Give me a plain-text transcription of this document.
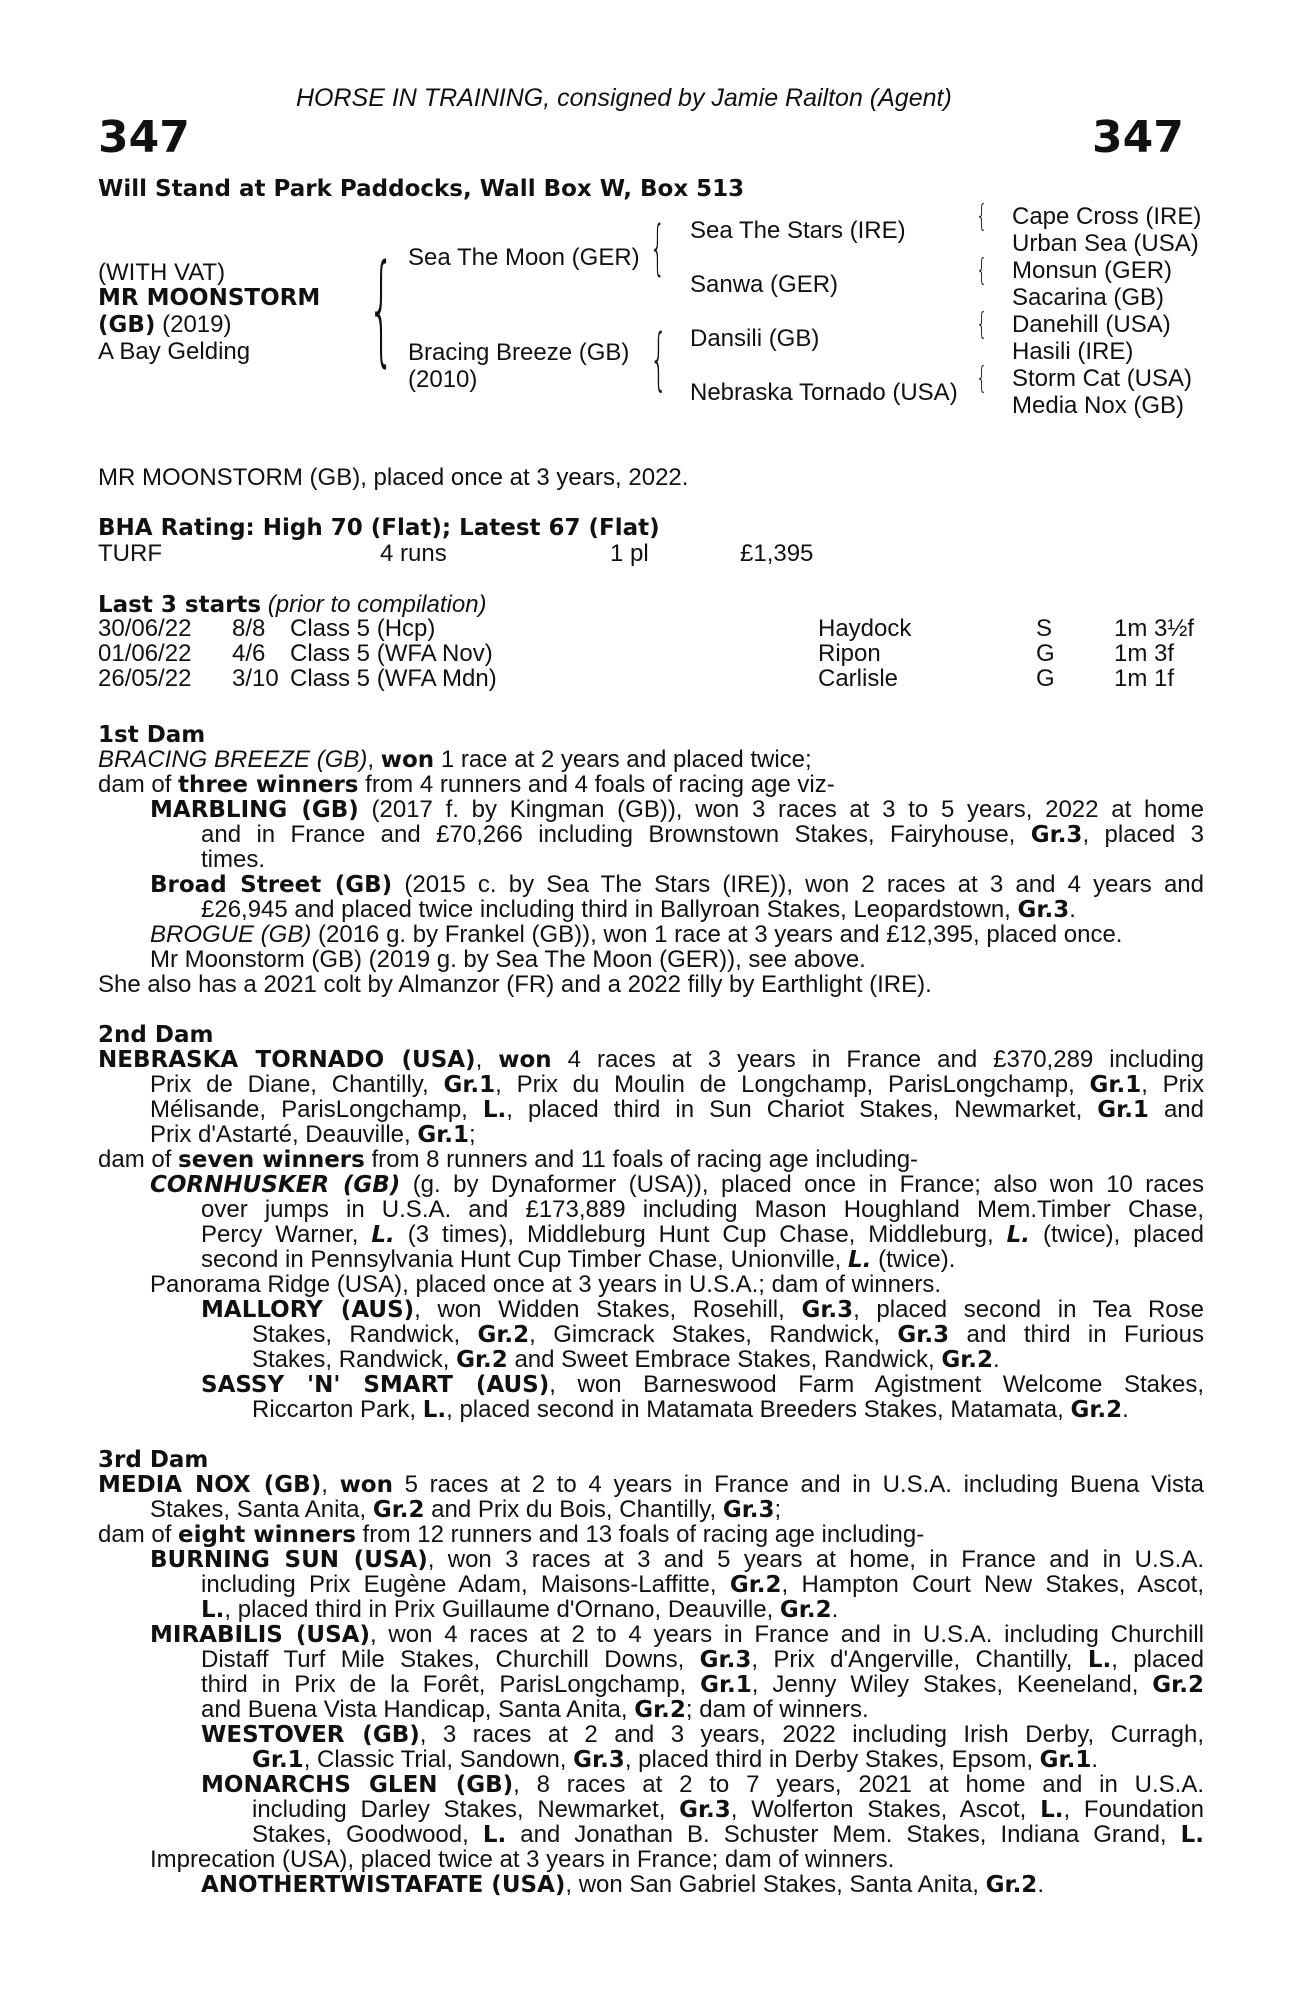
HORSE IN TRAINING, consigned by Jamie Railton (Agent)
347	347
Will Stand at Park Paddocks, Wall Box W, Box 513
(WITH VAT)
MR MOONSTORM
(GB) (2019)
A Bay Gelding {	{
{
{
{
{
{
Sea The Moon (GER)
Bracing Breeze (GB)
(2010)
Sea The Stars (IRE)
Sanwa (GER)
Dansili (GB)
Nebraska Tornado (USA)
Cape Cross (IRE)
Urban Sea (USA)
Monsun (GER)
Sacarina (GB)
Danehill (USA)
Hasili (IRE)
Storm Cat (USA)
Media Nox (GB)
MR MOONSTORM (GB), placed once at 3 years, 2022.
BHA Rating: High 70 (Flat); Latest 67 (Flat)
TURF	4 runs	1 pl	£1,395
Last 3 starts (prior to compilation)
30/06/22 8/8 Class 5 (Hcp)	Haydock	S	1m 3½f
01/06/22 4/6 Class 5 (WFA Nov)	Ripon	G 1m 3f
26/05/22 3/10 Class 5 (WFA Mdn)	Carlisle	G 1m 1f
1st Dam
BRACING BREEZE (GB), won 1 race at 2 years and placed twice;
dam of three winners from 4 runners and 4 foals of racing age viz-
MARBLING (GB) (2017 f. by Kingman (GB)), won 3 races at 3 to 5 years, 2022 at home
and in France and £70,266 including Brownstown Stakes, Fairyhouse, Gr.3, placed 3
times.
Broad Street (GB) (2015 c. by Sea The Stars (IRE)), won 2 races at 3 and 4 years and
£26,945 and placed twice including third in Ballyroan Stakes, Leopardstown, Gr.3.
BROGUE (GB) (2016 g. by Frankel (GB)), won 1 race at 3 years and £12,395, placed once.
Mr Moonstorm (GB) (2019 g. by Sea The Moon (GER)), see above.
She also has a 2021 colt by Almanzor (FR) and a 2022 filly by Earthlight (IRE).
2nd Dam
NEBRASKA TORNADO (USA), won 4 races at 3 years in France and £370,289 including
Prix de Diane, Chantilly, Gr.1, Prix du Moulin de Longchamp, ParisLongchamp, Gr.1, Prix
Mélisande, ParisLongchamp, L., placed third in Sun Chariot Stakes, Newmarket, Gr.1 and
Prix d'Astarté, Deauville, Gr.1;
dam of seven winners from 8 runners and 11 foals of racing age including-
CORNHUSKER (GB) (g. by Dynaformer (USA)), placed once in France; also won 10 races
over jumps in U.S.A. and £173,889 including Mason Houghland Mem.Timber Chase,
Percy Warner, L. (3 times), Middleburg Hunt Cup Chase, Middleburg, L. (twice), placed
second in Pennsylvania Hunt Cup Timber Chase, Unionville, L. (twice).
Panorama Ridge (USA), placed once at 3 years in U.S.A.; dam of winners.
MALLORY (AUS), won Widden Stakes, Rosehill, Gr.3, placed second in Tea Rose
Stakes, Randwick, Gr.2, Gimcrack Stakes, Randwick, Gr.3 and third in Furious
Stakes, Randwick, Gr.2 and Sweet Embrace Stakes, Randwick, Gr.2.
SASSY 'N' SMART (AUS), won Barneswood Farm Agistment Welcome Stakes,
Riccarton Park, L., placed second in Matamata Breeders Stakes, Matamata, Gr.2.
3rd Dam
MEDIA NOX (GB), won 5 races at 2 to 4 years in France and in U.S.A. including Buena Vista
Stakes, Santa Anita, Gr.2 and Prix du Bois, Chantilly, Gr.3;
dam of eight winners from 12 runners and 13 foals of racing age including-
BURNING SUN (USA), won 3 races at 3 and 5 years at home, in France and in U.S.A.
including Prix Eugène Adam, Maisons-Laffitte, Gr.2, Hampton Court New Stakes, Ascot,
L., placed third in Prix Guillaume d'Ornano, Deauville, Gr.2.
MIRABILIS (USA), won 4 races at 2 to 4 years in France and in U.S.A. including Churchill
Distaff Turf Mile Stakes, Churchill Downs, Gr.3, Prix d'Angerville, Chantilly, L., placed
third in Prix de la Forêt, ParisLongchamp, Gr.1, Jenny Wiley Stakes, Keeneland, Gr.2
and Buena Vista Handicap, Santa Anita, Gr.2; dam of winners.
WESTOVER (GB), 3 races at 2 and 3 years, 2022 including Irish Derby, Curragh,
Gr.1, Classic Trial, Sandown, Gr.3, placed third in Derby Stakes, Epsom, Gr.1.
MONARCHS GLEN (GB), 8 races at 2 to 7 years, 2021 at home and in U.S.A.
including Darley Stakes, Newmarket, Gr.3, Wolferton Stakes, Ascot, L., Foundation
Stakes, Goodwood, L. and Jonathan B. Schuster Mem. Stakes, Indiana Grand, L.
Imprecation (USA), placed twice at 3 years in France; dam of winners.
ANOTHERTWISTAFATE (USA), won San Gabriel Stakes, Santa Anita, Gr.2.
